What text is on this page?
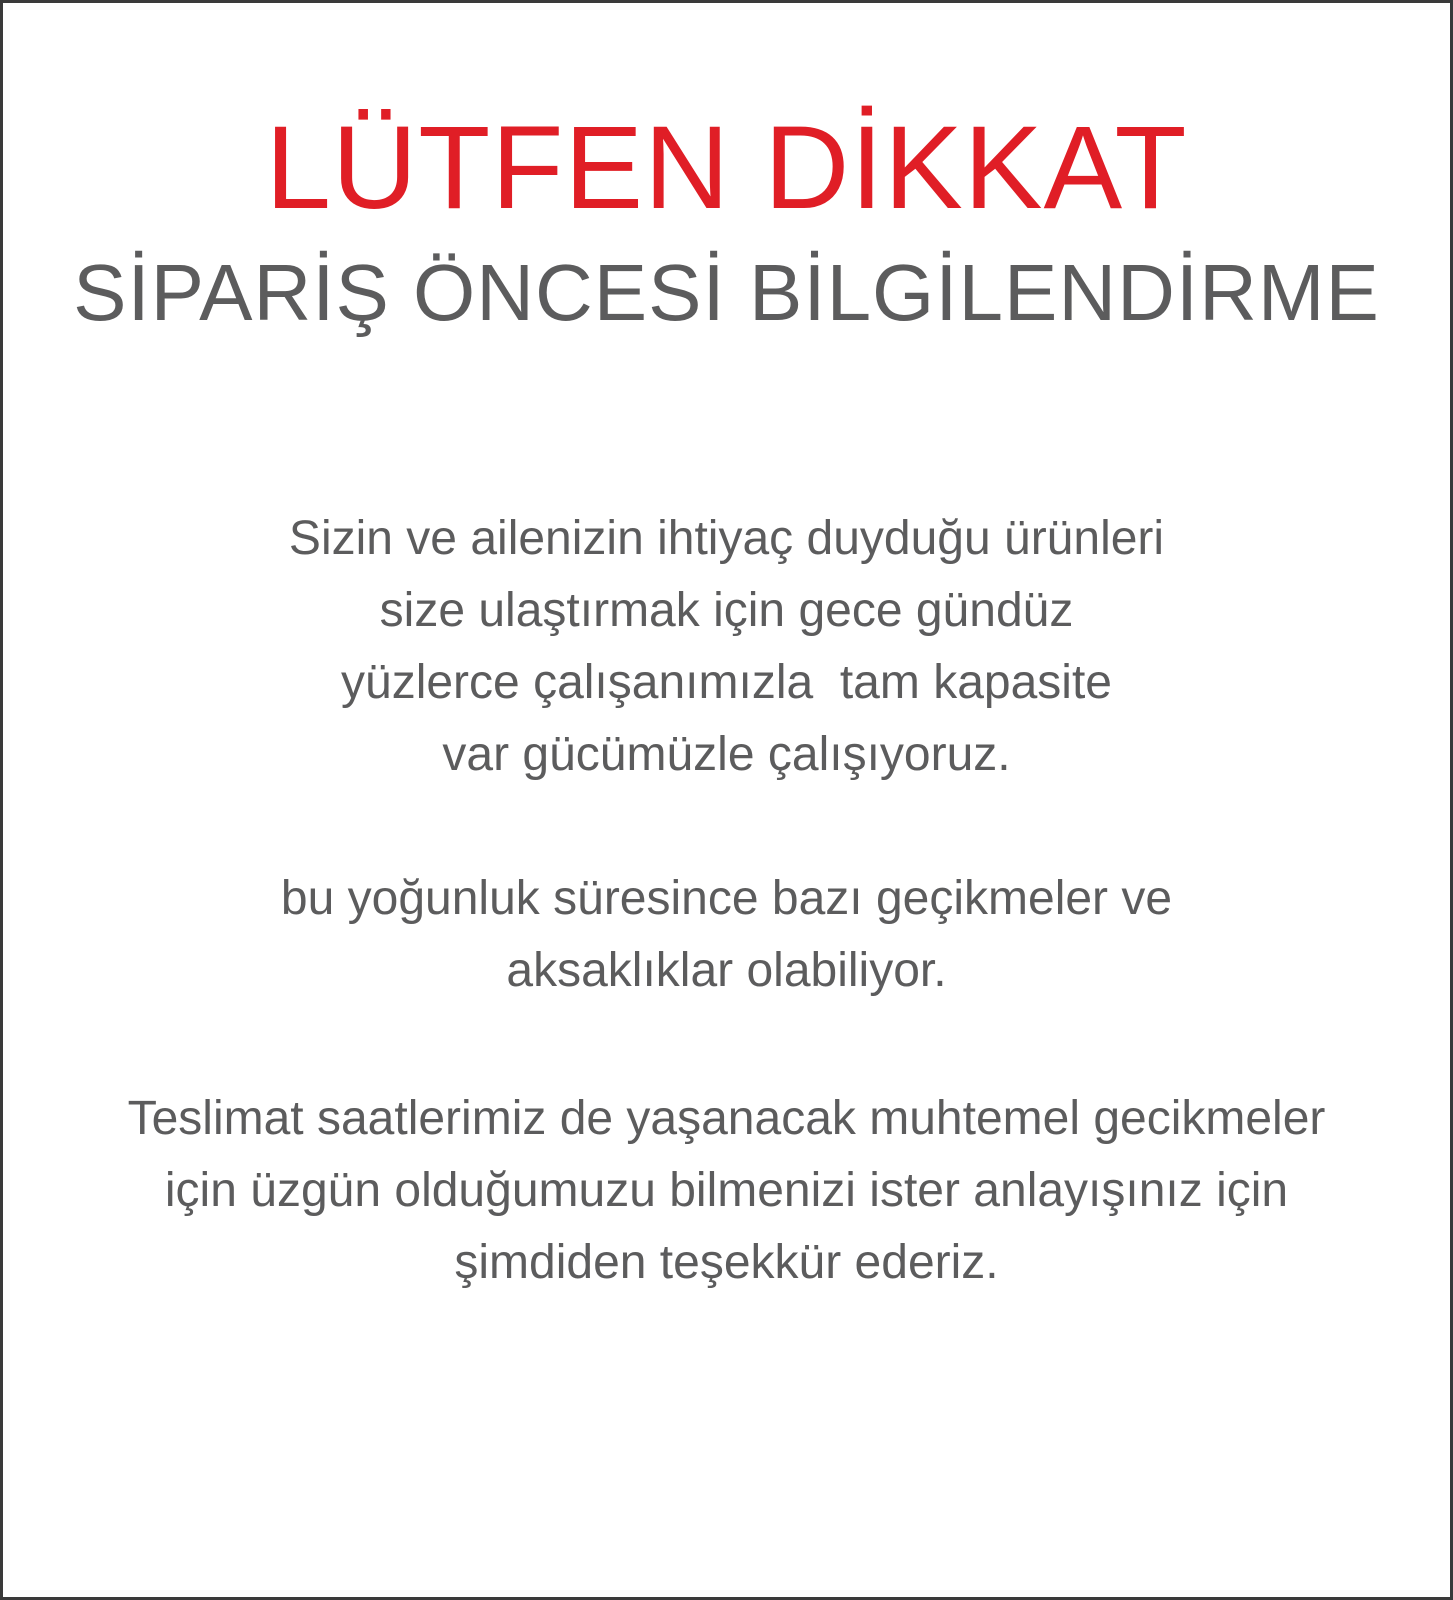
LÜTFEN DİKKAT
SİPARİŞ ÖNCESİ BİLGİLENDİRME

Sizin ve ailenizin ihtiyaç duyduğu ürünleri
size ulaştırmak için gece gündüz
yüzlerce çalışanımızla  tam kapasite
var gücümüzle çalışıyoruz.

bu yoğunluk süresince bazı geçikmeler ve
aksaklıklar olabiliyor.

Teslimat saatlerimiz de yaşanacak muhtemel gecikmeler
için üzgün olduğumuzu bilmenizi ister anlayışınız için
şimdiden teşekkür ederiz.
